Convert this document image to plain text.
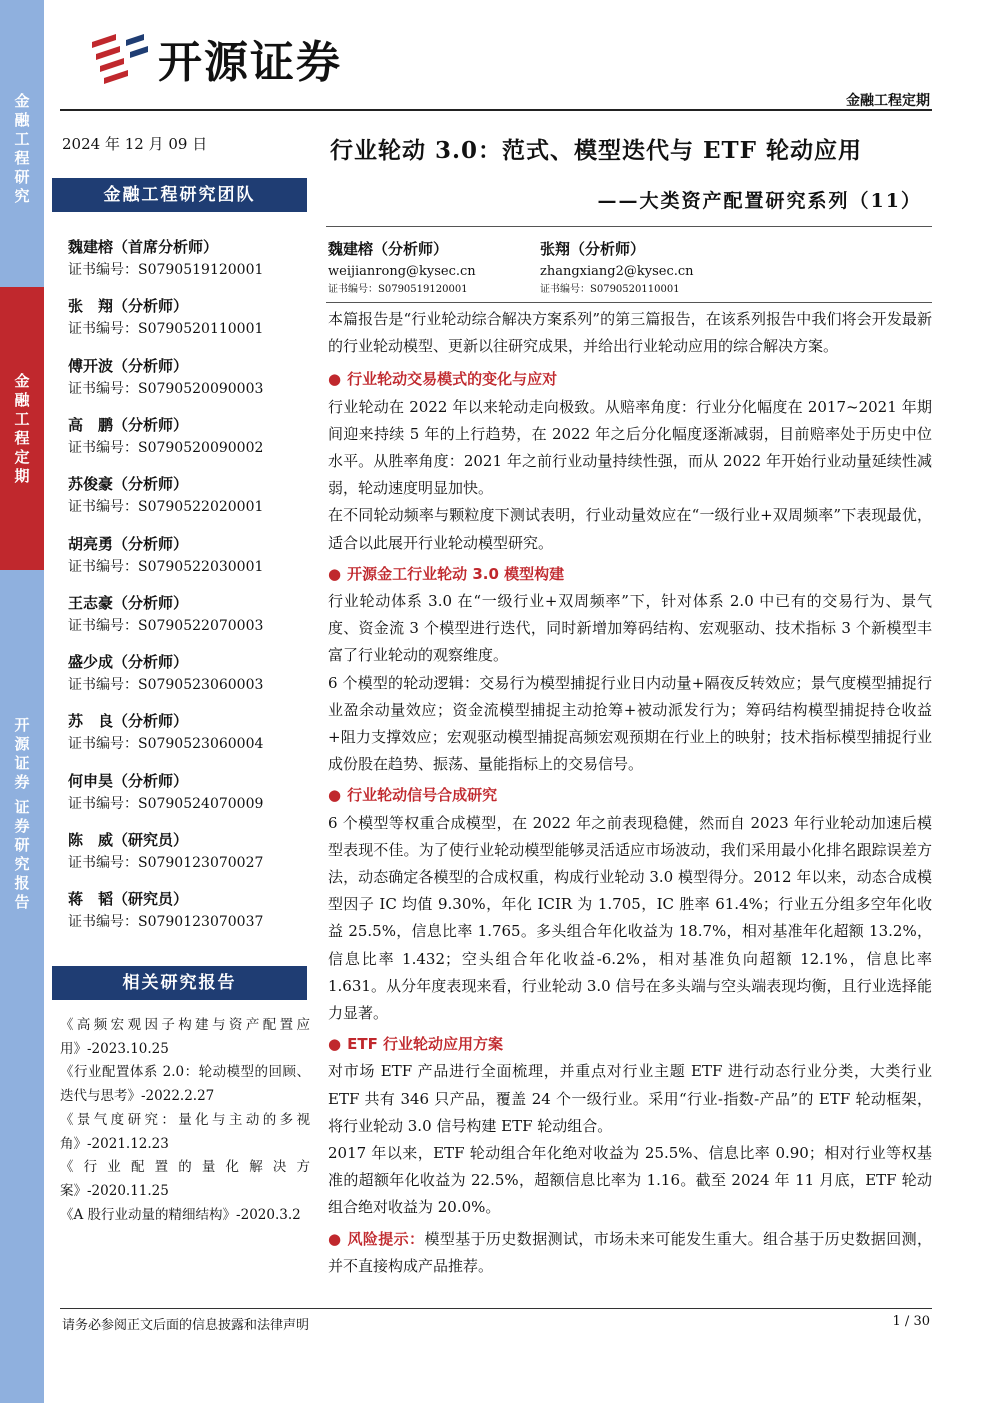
金融工程研究
金融工程定期
开源证券
证券研究报告
开源证券
金融工程定期
2024 年 12 月 09 日	行业轮动 3.0：范式、模型迭代与 ETF 轮动应用
——大类资产配置研究系列（11）
金融工程研究团队
魏建榕（首席分析师）
证书编号：S0790519120001
张　翔（分析师）
证书编号：S0790520110001
傅开波（分析师）
证书编号：S0790520090003
高　鹏（分析师）
证书编号：S0790520090002
苏俊豪（分析师）
证书编号：S0790522020001
胡亮勇（分析师）
证书编号：S0790522030001
王志豪（分析师）
证书编号：S0790522070003
盛少成（分析师）
证书编号：S0790523060003
苏　良（分析师）
证书编号：S0790523060004
何申昊（分析师）
证书编号：S0790524070009
陈　威（研究员）
证书编号：S0790123070027
蒋　韬（研究员）
证书编号：S0790123070037
相关研究报告

《高频宏观因子构建与资产配置应用》-2023.10.25

《行业配置体系 2.0：轮动模型的回顾、迭代与思考》-2022.2.27

《景气度研究：量化与主动的多视角》-2021.12.23

《行业配置的量化解决方案》-2020.11.25

《A 股行业动量的精细结构》-2020.3.2

魏建榕（分析师）
weijianrong@kysec.cn
证书编号：S0790519120001
张翔（分析师）
zhangxiang2@kysec.cn
证书编号：S0790520110001

本篇报告是“行业轮动综合解决方案系列”的第三篇报告，在该系列报告中我们将会开发最新的行业轮动模型、更新以往研究成果，并给出行业轮动应用的综合解决方案。

● 行业轮动交易模式的变化与应对

行业轮动在 2022 年以来轮动走向极致。从赔率角度：行业分化幅度在 2017~2021 年期间迎来持续 5 年的上行趋势，在 2022 年之后分化幅度逐渐减弱，目前赔率处于历史中位水平。从胜率角度：2021 年之前行业动量持续性强，而从 2022 年开始行业动量延续性减弱，轮动速度明显加快。

在不同轮动频率与颗粒度下测试表明，行业动量效应在“一级行业+双周频率”下表现最优，适合以此展开行业轮动模型研究。

● 开源金工行业轮动 3.0 模型构建

行业轮动体系 3.0 在“一级行业+双周频率”下，针对体系 2.0 中已有的交易行为、景气度、资金流 3 个模型进行迭代，同时新增加筹码结构、宏观驱动、技术指标 3 个新模型丰富了行业轮动的观察维度。

6 个模型的轮动逻辑：交易行为模型捕捉行业日内动量+隔夜反转效应；景气度模型捕捉行业盈余动量效应；资金流模型捕捉主动抢筹+被动派发行为；筹码结构模型捕捉持仓收益+阻力支撑效应；宏观驱动模型捕捉高频宏观预期在行业上的映射；技术指标模型捕捉行业成份股在趋势、振荡、量能指标上的交易信号。

● 行业轮动信号合成研究

6 个模型等权重合成模型，在 2022 年之前表现稳健，然而自 2023 年行业轮动加速后模型表现不佳。为了使行业轮动模型能够灵活适应市场波动，我们采用最小化排名跟踪误差方法，动态确定各模型的合成权重，构成行业轮动 3.0 模型得分。2012 年以来，动态合成模型因子 IC 均值 9.30%，年化 ICIR 为 1.705，IC 胜率 61.4%；行业五分组多空年化收益 25.5%，信息比率 1.765。多头组合年化收益为 18.7%，相对基准年化超额 13.2%，信息比率 1.432；空头组合年化收益-6.2%，相对基准负向超额 12.1%，信息比率 1.631。从分年度表现来看，行业轮动 3.0 信号在多头端与空头端表现均衡，且行业选择能力显著。

● ETF 行业轮动应用方案

对市场 ETF 产品进行全面梳理，并重点对行业主题 ETF 进行动态行业分类，大类行业 ETF 共有 346 只产品，覆盖 24 个一级行业。采用“行业-指数-产品”的 ETF 轮动框架，将行业轮动 3.0 信号构建 ETF 轮动组合。

2017 年以来，ETF 轮动组合年化绝对收益为 25.5%、信息比率 0.90；相对行业等权基准的超额年化收益为 22.5%，超额信息比率为 1.16。截至 2024 年 11 月底，ETF 轮动组合绝对收益为 20.0%。

● 风险提示：模型基于历史数据测试，市场未来可能发生重大。组合基于历史数据回测，并不直接构成产品推荐。

请务必参阅正文后面的信息披露和法律声明	1 / 30
